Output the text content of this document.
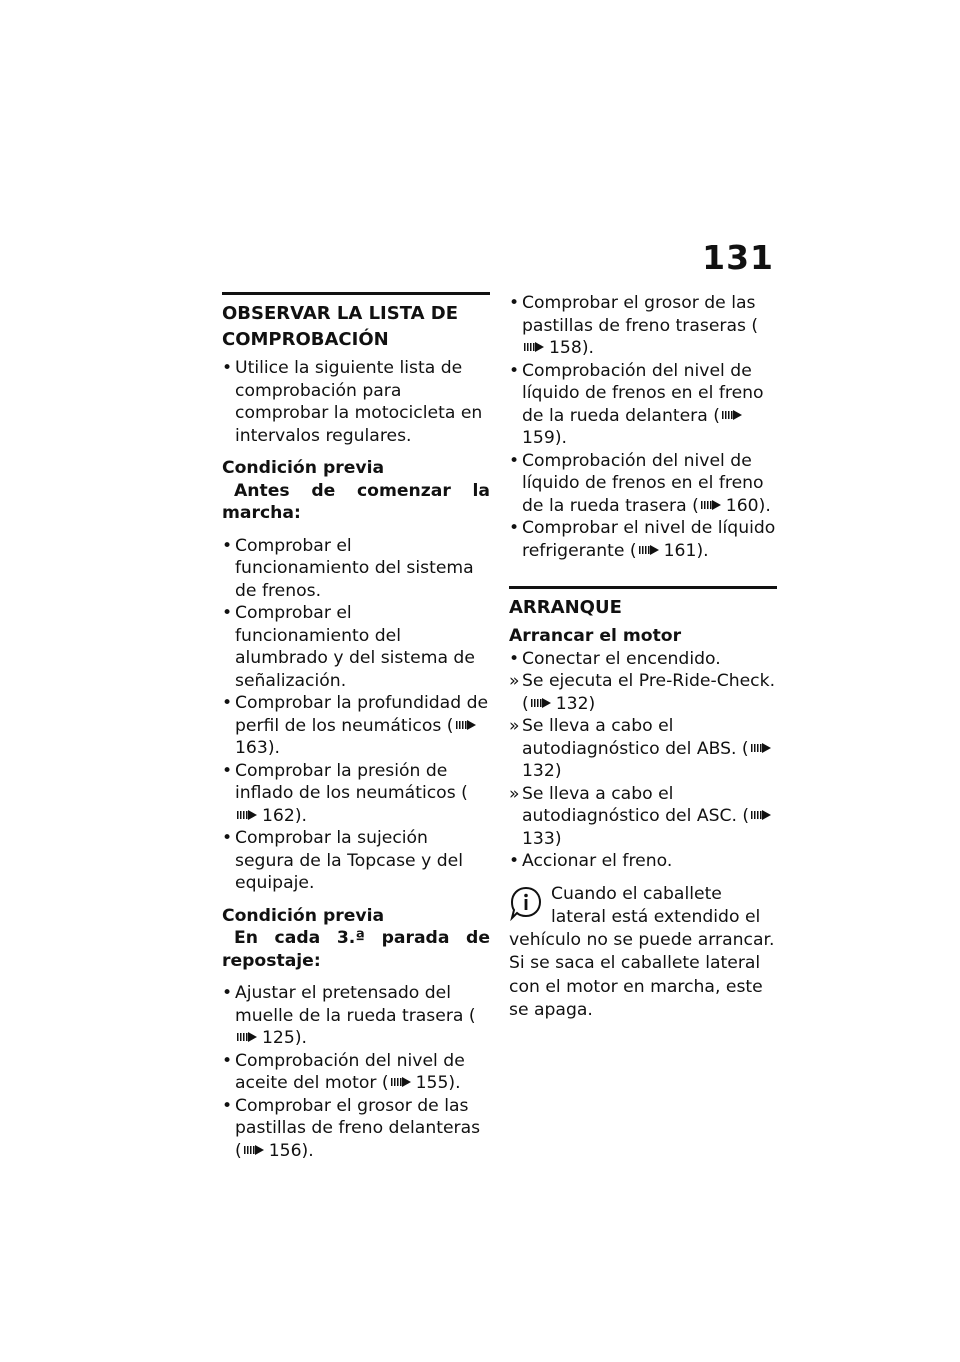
131
OBSERVAR LA LISTA DE COMPROBACIÓN
• Utilice la siguiente lista de comprobación para comprobar la motocicleta en intervalos regulares.
Condición previa
Antes de comenzar la marcha:
• Comprobar el funcionamiento del sistema de frenos.
• Comprobar el funcionamiento del alumbrado y del sistema de señalización.
• Comprobar la profundidad de perfil de los neumáticos (
163).
• Comprobar la presión de inflado de los neumáticos (
162).
• Comprobar la sujeción segura de la Topcase y del equipaje.
Condición previa
En cada 3.ª parada de repostaje:
• Ajustar el pretensado del muelle de la rueda trasera (
125).
• Comprobación del nivel de aceite del motor ( 155).
• Comprobar el grosor de las pastillas de freno delanteras ( 156).
• Comprobar el grosor de las pastillas de freno traseras (
158).
• Comprobación del nivel de líquido de frenos en el freno de la rueda delantera (
159).
• Comprobación del nivel de líquido de frenos en el freno de la rueda trasera ( 160).
• Comprobar el nivel de líquido refrigerante ( 161).
ARRANQUE
Arrancar el motor
• Conectar el encendido.
» Se ejecuta el Pre-Ride-Check. ( 132)
» Se lleva a cabo el autodiagnóstico del ABS. (
132)
» Se lleva a cabo el autodiagnóstico del ASC. (
133)
• Accionar el freno.
Cuando el caballete lateral está extendido el vehículo no se puede arrancar. Si se saca el caballete lateral con el motor en marcha, este se apaga.
